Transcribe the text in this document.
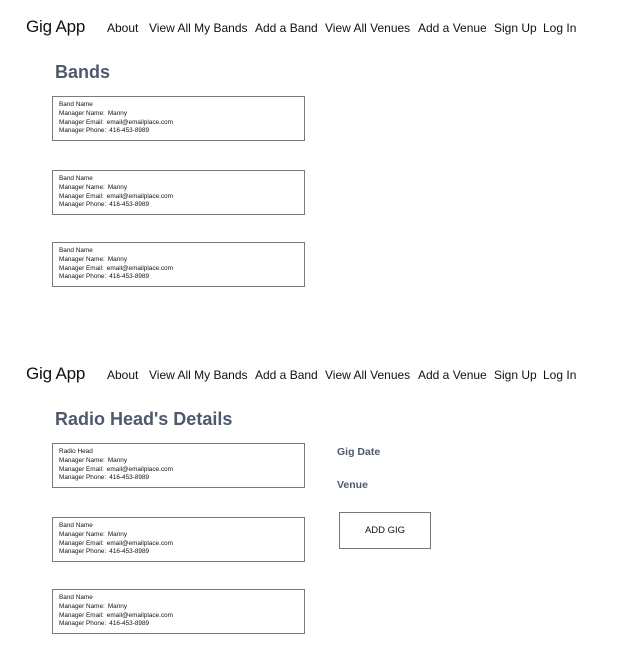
Gig App About View All My Bands Add a Band View All Venues Add a Venue Sign Up Log In
Bands
Band Name
Manager Name: Manny
Manager Email: email@emailplace.com
Manager Phone: 416-453-8989
Band Name
Manager Name: Manny
Manager Email: email@emailplace.com
Manager Phone: 416-453-8989
Band Name
Manager Name: Manny
Manager Email: email@emailplace.com
Manager Phone: 416-453-8989
Gig App About View All My Bands Add a Band View All Venues Add a Venue Sign Up Log In
Radio Head's Details
Radio Head
Manager Name: Manny
Manager Email: email@emailplace.com
Manager Phone: 416-453-8989
Band Name
Manager Name: Manny
Manager Email: email@emailplace.com
Manager Phone: 416-453-8989
Band Name
Manager Name: Manny
Manager Email: email@emailplace.com
Manager Phone: 416-453-8989
Gig Date
Venue
ADD GIG
